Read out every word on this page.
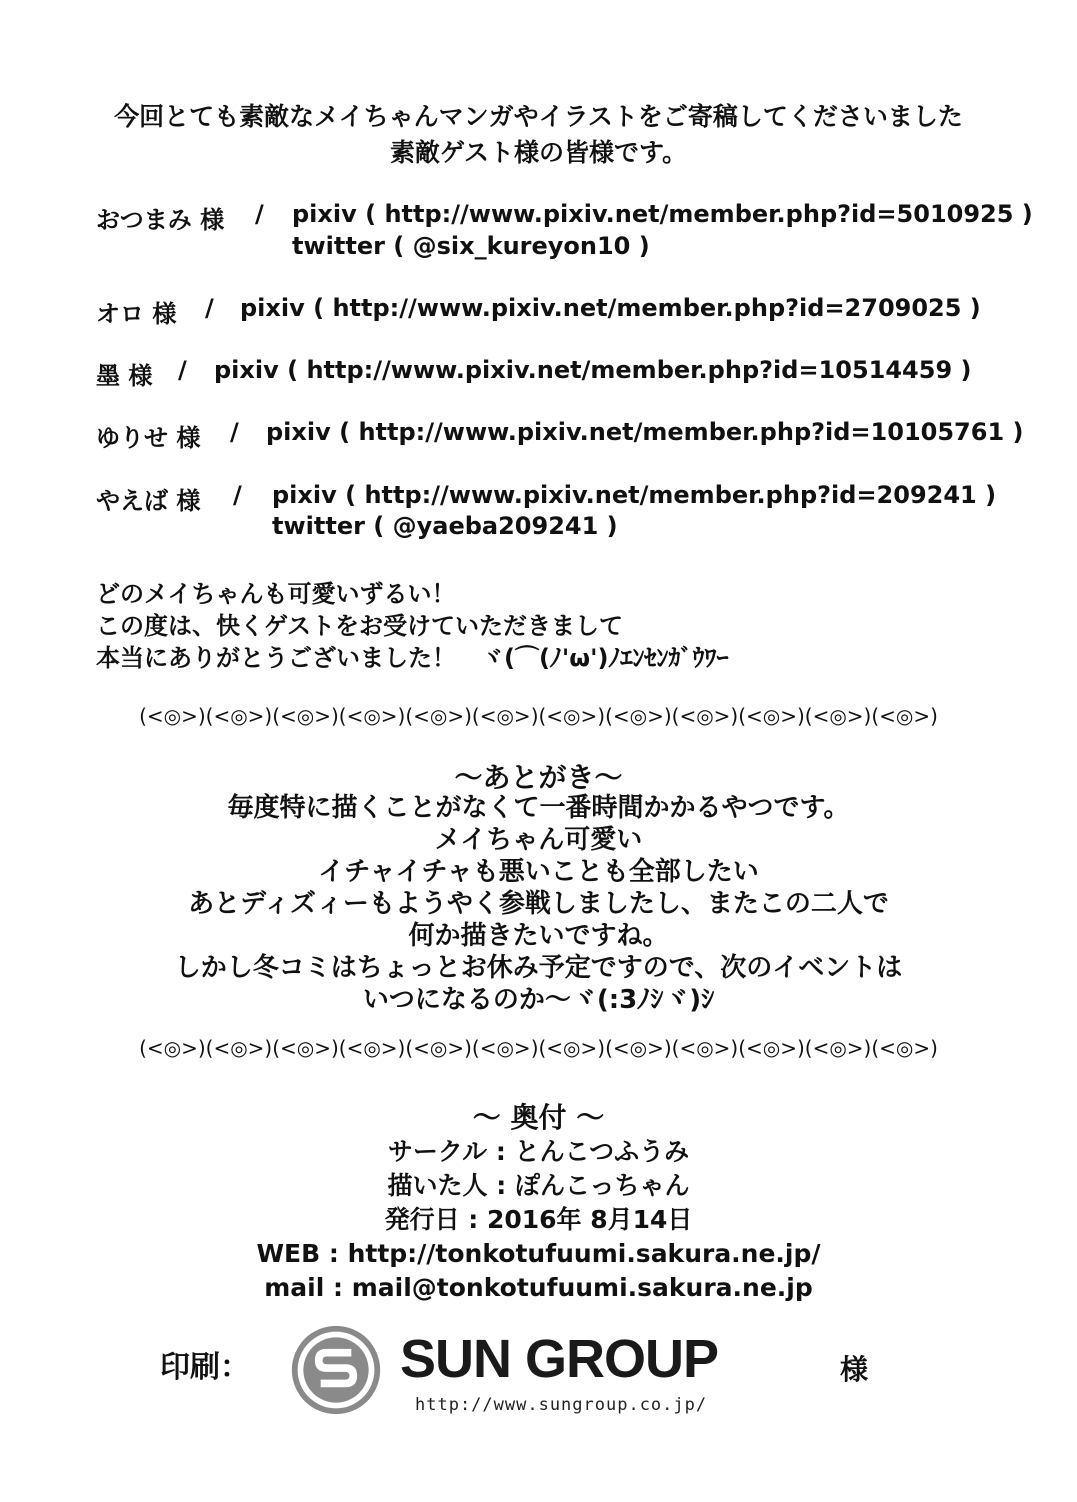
今回とても素敵なメイちゃんマンガやイラストをご寄稿してくださいました
素敵ゲスト様の皆様です。
おつまみ 様 / pixiv ( http://www.pixiv.net/member.php?id=5010925 )
twitter ( @six_kureyon10 )
オロ 様 / pixiv ( http://www.pixiv.net/member.php?id=2709025 )
墨 様 / pixiv ( http://www.pixiv.net/member.php?id=10514459 )
ゆりせ 様 / pixiv ( http://www.pixiv.net/member.php?id=10105761 )
やえば 様 / pixiv ( http://www.pixiv.net/member.php?id=209241 )
twitter ( @yaeba209241 )
どのメイちゃんも可愛いずるい！
この度は、快くゲストをお受けていただきまして
本当にありがとうございました！　ヾ(⌒(ﾉ'ω')ﾉｴﾝｾﾝｶﾞｳﾜｰ
(<◎>)(<◎>)(<◎>)(<◎>)(<◎>)(<◎>)(<◎>)(<◎>)(<◎>)(<◎>)(<◎>)(<◎>)
～あとがき～
毎度特に描くことがなくて一番時間かかるやつです。
メイちゃん可愛い
イチャイチャも悪いことも全部したい
あとディズィーもようやく参戦しましたし、またこの二人で
何か描きたいですね。
しかし冬コミはちょっとお休み予定ですので、次のイベントは
いつになるのか～ヾ(:3ﾉｼヾ)ｼ
(<◎>)(<◎>)(<◎>)(<◎>)(<◎>)(<◎>)(<◎>)(<◎>)(<◎>)(<◎>)(<◎>)(<◎>)
～ 奥付 ～
サークル : とんこつふうみ
描いた人 : ぽんこっちゃん
発行日 : 2016年 8月14日
WEB : http://tonkotufuumi.sakura.ne.jp/
mail : mail@tonkotufuumi.sakura.ne.jp
印刷：	SUN GROUP
http://www.sungroup.co.jp/
様
